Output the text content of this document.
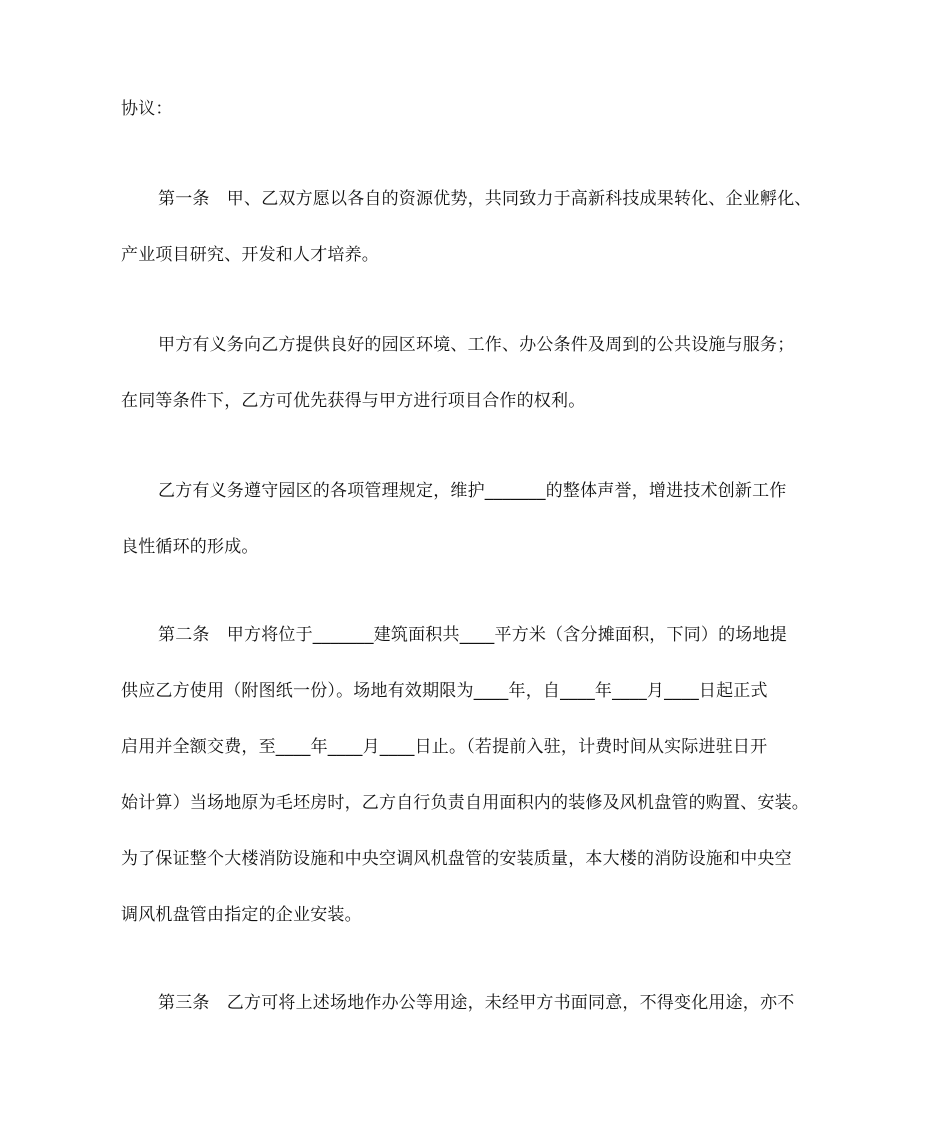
协议：
第一条　甲、乙双方愿以各自的资源优势，共同致力于高新科技成果转化、企业孵化、
产业项目研究、开发和人才培养。
甲方有义务向乙方提供良好的园区环境、工作、办公条件及周到的公共设施与服务；
在同等条件下，乙方可优先获得与甲方进行项目合作的权利。
乙方有义务遵守园区的各项管理规定，维护_______的整体声誉，增进技术创新工作
良性循环的形成。
第二条　甲方将位于_______建筑面积共____平方米（含分摊面积，下同）的场地提
供应乙方使用（附图纸一份）。场地有效期限为____年，自____年____月____日起正式
启用并全额交费，至____年____月____日止。（若提前入驻，计费时间从实际进驻日开
始计算）当场地原为毛坯房时，乙方自行负责自用面积内的装修及风机盘管的购置、安装。
为了保证整个大楼消防设施和中央空调风机盘管的安装质量，本大楼的消防设施和中央空
调风机盘管由指定的企业安装。
第三条　乙方可将上述场地作办公等用途，未经甲方书面同意，不得变化用途，亦不
